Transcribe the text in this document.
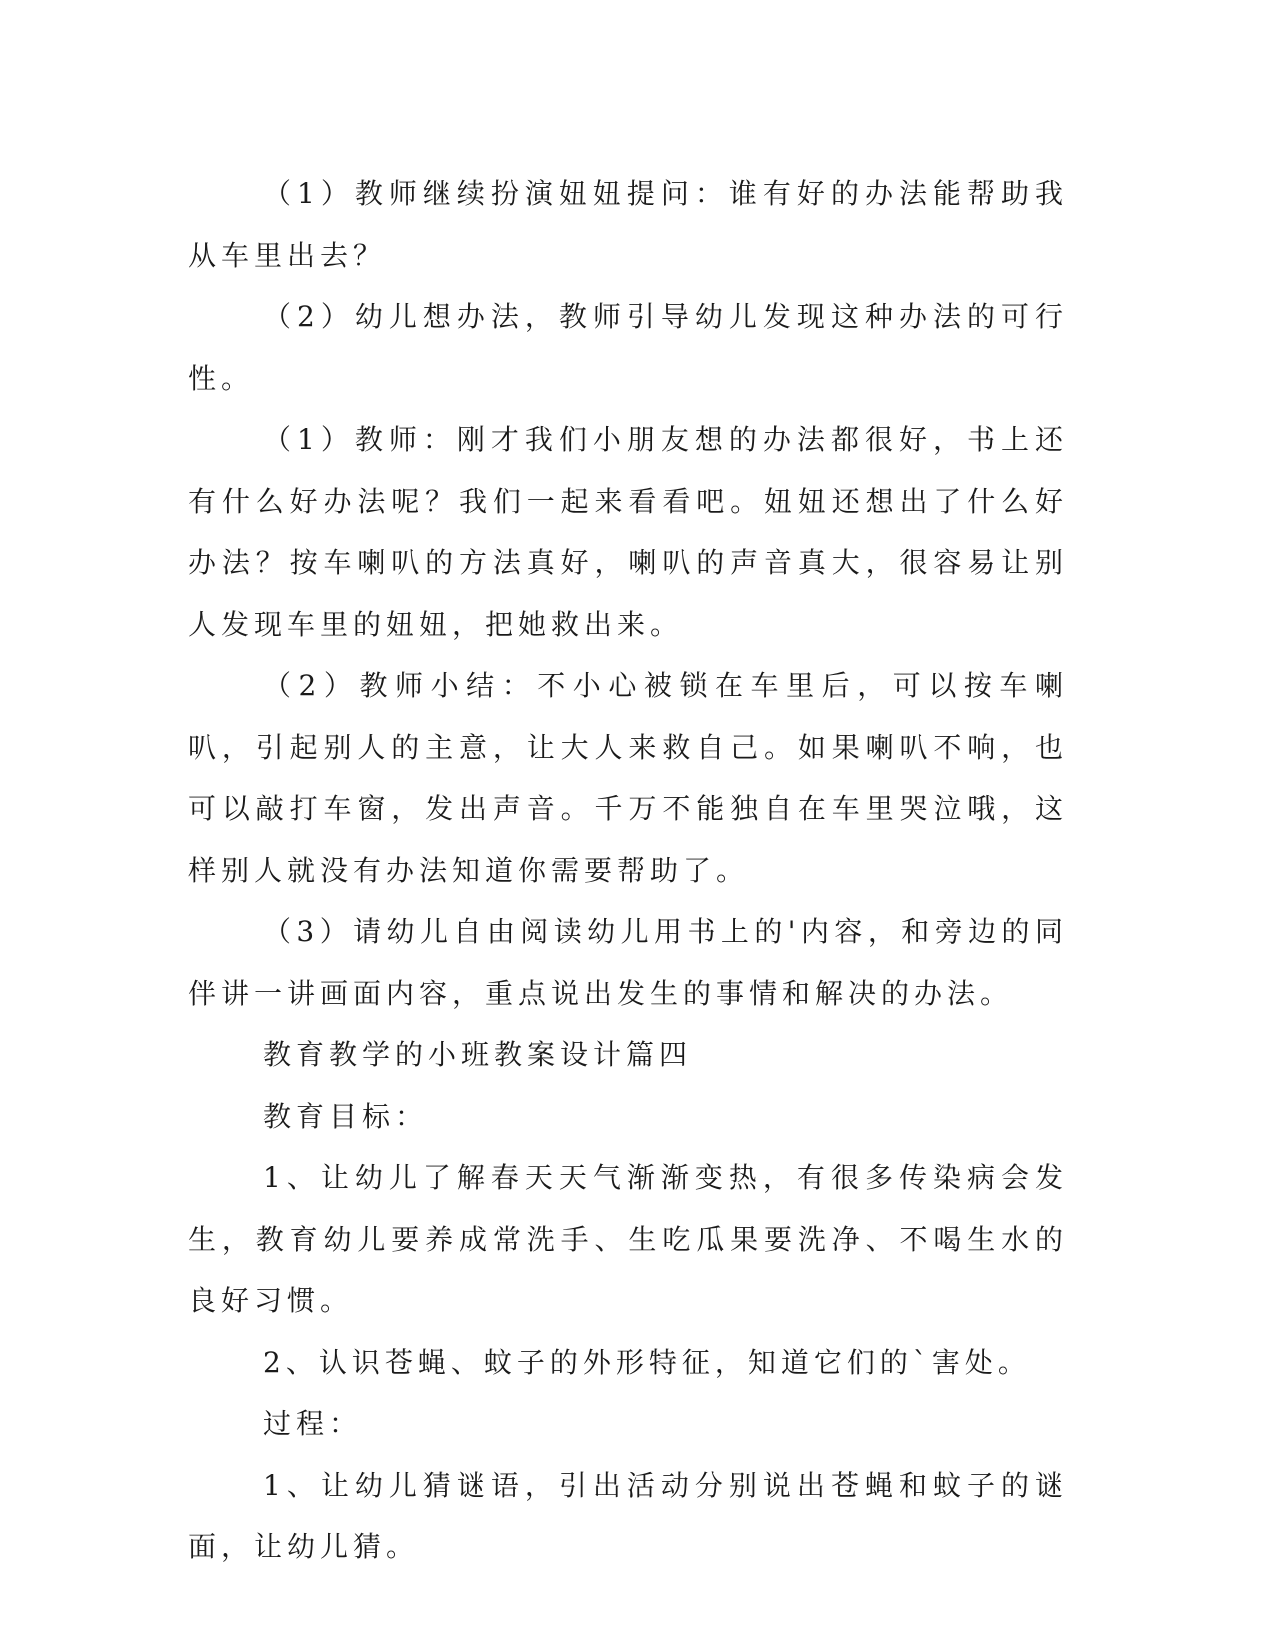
（1）教师继续扮演妞妞提问：谁有好的办法能帮助我从车里出去？

（2）幼儿想办法，教师引导幼儿发现这种办法的可行性。

（1）教师：刚才我们小朋友想的办法都很好，书上还有什么好办法呢？我们一起来看看吧。妞妞还想出了什么好办法？按车喇叭的方法真好，喇叭的声音真大，很容易让别人发现车里的妞妞，把她救出来。

（2）教师小结：不小心被锁在车里后，可以按车喇叭，引起别人的主意，让大人来救自己。如果喇叭不响，也可以敲打车窗，发出声音。千万不能独自在车里哭泣哦，这样别人就没有办法知道你需要帮助了。

（3）请幼儿自由阅读幼儿用书上的'内容，和旁边的同伴讲一讲画面内容，重点说出发生的事情和解决的办法。

教育教学的小班教案设计篇四

教育目标：

1、让幼儿了解春天天气渐渐变热，有很多传染病会发生，教育幼儿要养成常洗手、生吃瓜果要洗净、不喝生水的良好习惯。

2、认识苍蝇、蚊子的外形特征，知道它们的`害处。

过程：

1、让幼儿猜谜语，引出活动分别说出苍蝇和蚊子的谜面，让幼儿猜。
